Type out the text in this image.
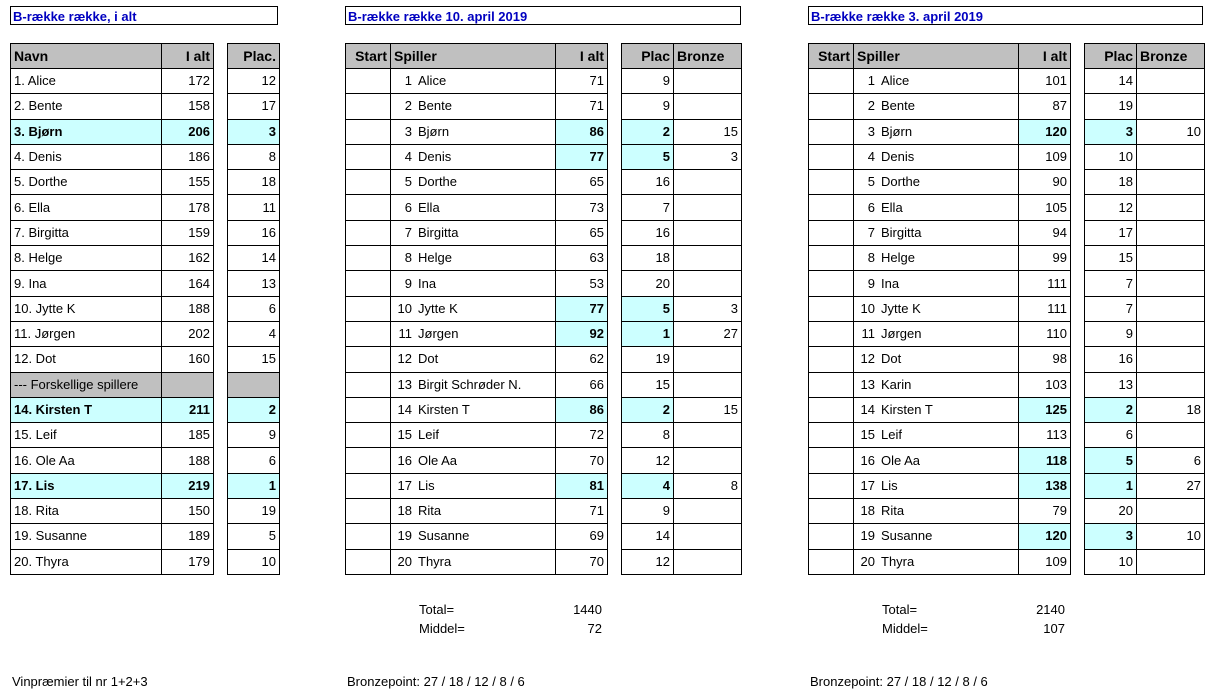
B-række række, i alt
Navn	I alt		Plac.
1. Alice	172		12
2. Bente	158		17
3. Bjørn	206		3
4. Denis	186		8
5. Dorthe	155		18
6. Ella	178		11
7. Birgitta	159		16
8. Helge	162		14
9. Ina	164		13
10. Jytte K	188		6
11. Jørgen	202		4
12. Dot	160		15
--- Forskellige spillere			
14. Kirsten T	211		2
15. Leif	185		9
16. Ole Aa	188		6
17. Lis	219		1
18. Rita	150		19
19. Susanne	189		5
20. Thyra	179		10
Vinpræmier til nr 1+2+3
B-række række 10. april 2019
Start	Spiller	I alt		Plac	Bronze
	1 Alice	71		9	
	2 Bente	71		9	
	3 Bjørn	86		2	15
	4 Denis	77		5	3
	5 Dorthe	65		16	
	6 Ella	73		7	
	7 Birgitta	65		16	
	8 Helge	63		18	
	9 Ina	53		20	
	10 Jytte K	77		5	3
	11 Jørgen	92		1	27
	12 Dot	62		19	
	13 Birgit Schrøder N.	66		15	
	14 Kirsten T	86		2	15
	15 Leif	72		8	
	16 Ole Aa	70		12	
	17 Lis	81		4	8
	18 Rita	71		9	
	19 Susanne	69		14	
	20 Thyra	70		12	
Total=	1440
Middel=	72
Bronzepoint: 27 / 18 / 12 / 8 / 6
B-række række 3. april 2019
Start	Spiller	I alt		Plac	Bronze
	1 Alice	101		14	
	2 Bente	87		19	
	3 Bjørn	120		3	10
	4 Denis	109		10	
	5 Dorthe	90		18	
	6 Ella	105		12	
	7 Birgitta	94		17	
	8 Helge	99		15	
	9 Ina	111		7	
	10 Jytte K	111		7	
	11 Jørgen	110		9	
	12 Dot	98		16	
	13 Karin	103		13	
	14 Kirsten T	125		2	18
	15 Leif	113		6	
	16 Ole Aa	118		5	6
	17 Lis	138		1	27
	18 Rita	79		20	
	19 Susanne	120		3	10
	20 Thyra	109		10	
Total=	2140
Middel=	107
Bronzepoint: 27 / 18 / 12 / 8 / 6
